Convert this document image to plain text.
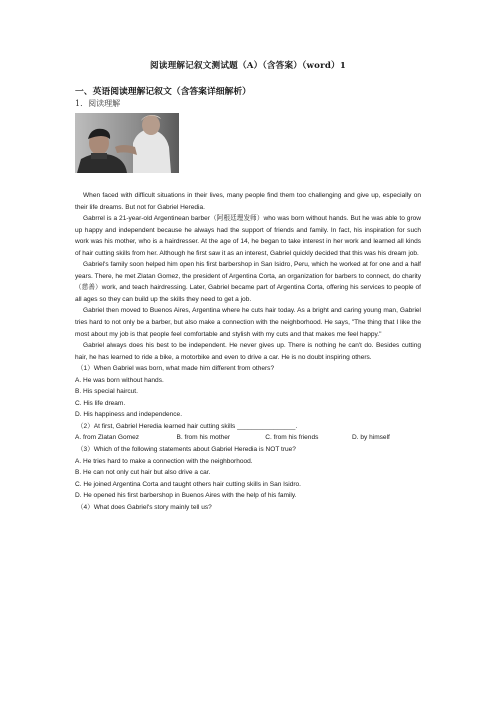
阅读理解记叙文测试题（A）（含答案）（word）1
一、英语阅读理解记叙文（含答案详细解析）
1．阅读理解

When faced with difficult situations in their lives, many people find them too challenging and give up, especially on their life dreams. But not for Gabriel Heredia.

Gabrrel is a 21-year-old Argentinean barber（阿根廷理发师）who was born without hands. But he was able to grow up happy and independent because he always had the support of friends and family. In fact, his inspiration for such work was his mother, who is a hairdresser. At the age of 14, he began to take interest in her work and learned all kinds of hair cutting skills from her. Although he first saw it as an interest, Gabriel quickly decided that this was his dream job.

Gabriel's family soon helped him open his first barbershop in San Isidro, Peru, which he worked at for one and a half years. There, he met Zlatan Gomez, the president of Argentina Corta, an organization for barbers to connect, do charity（慈善）work, and teach hairdressing. Later, Gabriel became part of Argentina Corta, offering his services to people of all ages so they can build up the skills they need to get a job.

Gabriel then moved to Buenos Aires, Argentina where he cuts hair today. As a bright and caring young man, Gabriel tries hard to not only be a barber, but also make a connection with the neighborhood. He says, "The thing that I like the most about my job is that people feel comfortable and stylish with my cuts and that makes me feel happy."

Gabriel always does his best to be independent. He never gives up. There is nothing he can't do. Besides cutting hair, he has learned to ride a bike, a motorbike and even to drive a car. He is no doubt inspiring others.

（1）When Gabriel was born, what made him different from others?
A. He was born without hands.
B. His special haircut.
C. His life dream.
D. His happiness and independence.
（2）At first, Gabriel Heredia learned hair cutting skills ________________.
A. from Zlatan Gomez	B. from his mother	C. from his friends	D. by himself
（3）Which of the following statements about Gabriel Heredia is NOT true?
A. He tries hard to make a connection with the neighborhood.
B. He can not only cut hair but also drive a car.
C. He joined Argentina Corta and taught others hair cutting skills in San Isidro.
D. He opened his first barbershop in Buenos Aires with the help of his family.
（4）What does Gabriel's story mainly tell us?
